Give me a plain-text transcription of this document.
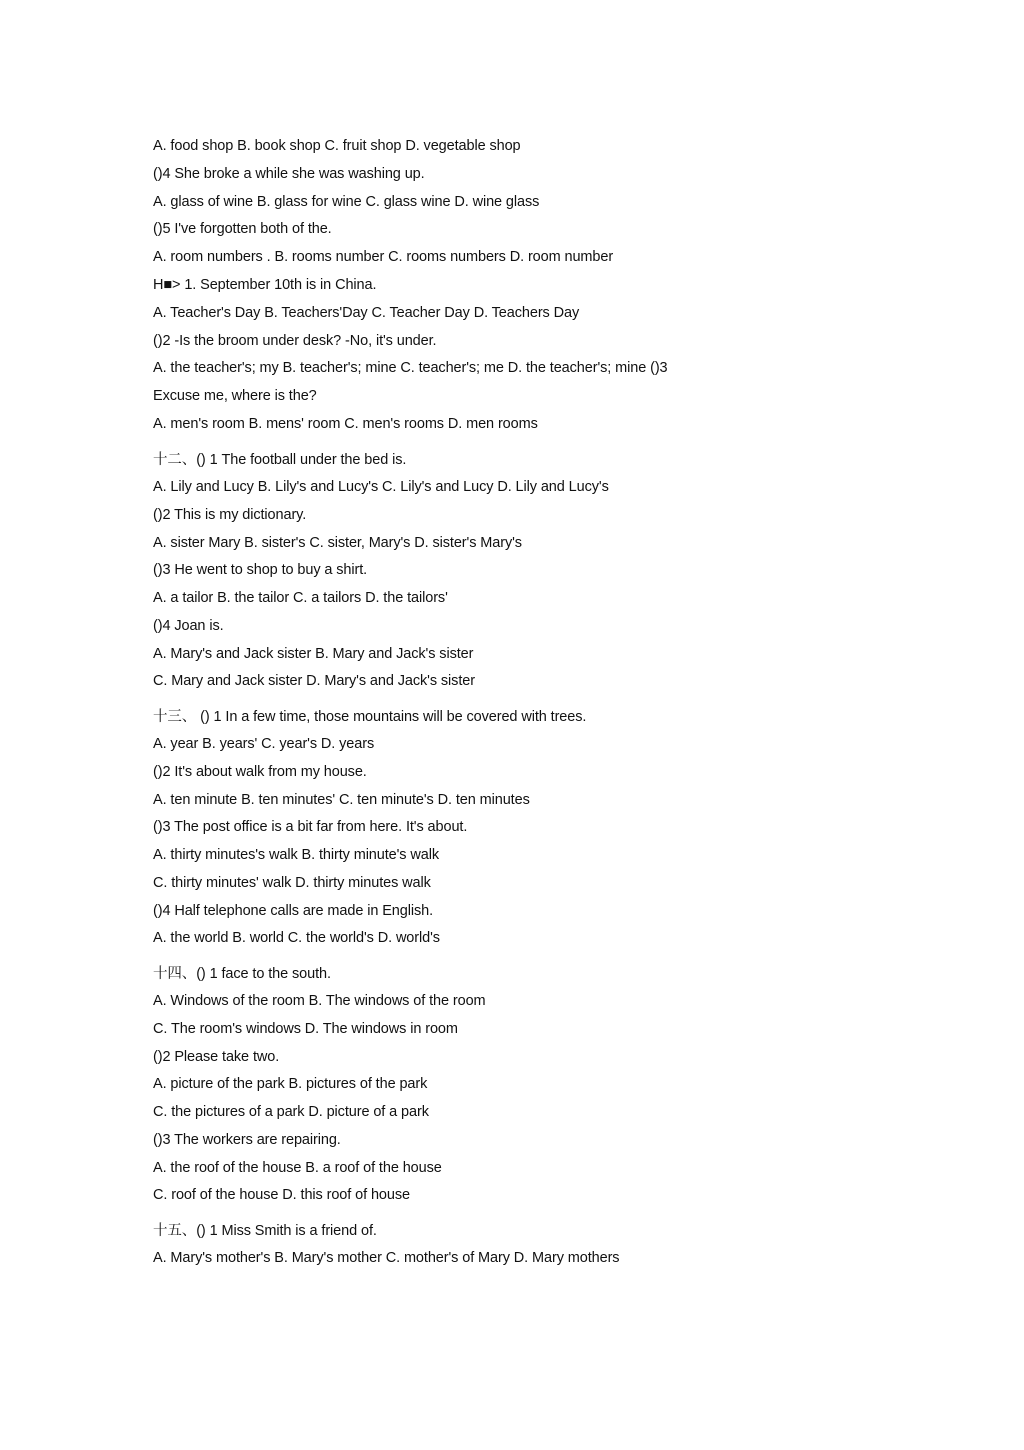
A. food shop B. book shop C. fruit shop D. vegetable shop
()4 She broke a while she was washing up.
A. glass of wine B. glass for wine C. glass wine D. wine glass
()5 I've forgotten both of the.
A. room numbers . B. rooms number C. rooms numbers D. room number
H■> 1. September 10th is in China.
A. Teacher's Day B. Teachers'Day C. Teacher Day D. Teachers Day
()2 -Is the broom under desk? -No, it's under.
A. the teacher's; my B. teacher's; mine C. teacher's; me D. the teacher's; mine ()3
Excuse me, where is the?
A. men's room B. mens' room C. men's rooms D. men rooms
十二、() 1 The football under the bed is.
A. Lily and Lucy B. Lily's and Lucy's C. Lily's and Lucy D. Lily and Lucy's
()2 This is my dictionary.
A. sister Mary B. sister's C. sister, Mary's D. sister's Mary's
()3 He went to shop to buy a shirt.
A. a tailor B. the tailor C. a tailors D. the tailors'
()4 Joan is.
A. Mary's and Jack sister B. Mary and Jack's sister
C. Mary and Jack sister D. Mary's and Jack's sister
十三、 () 1 In a few time, those mountains will be covered with trees.
A. year B. years' C. year's D. years
()2 It's about walk from my house.
A. ten minute B. ten minutes' C. ten minute's D. ten minutes
()3 The post office is a bit far from here. It's about.
A. thirty minutes's walk B. thirty minute's walk
C. thirty minutes' walk D. thirty minutes walk
()4 Half telephone calls are made in English.
A. the world B. world C. the world's D. world's
十四、() 1 face to the south.
A. Windows of the room B. The windows of the room
C. The room's windows D. The windows in room
()2 Please take two.
A. picture of the park B. pictures of the park
C. the pictures of a park D. picture of a park
()3 The workers are repairing.
A. the roof of the house B. a roof of the house
C. roof of the house D. this roof of house
十五、() 1 Miss Smith is a friend of.
A. Mary's mother's B. Mary's mother C. mother's of Mary D. Mary mothers
